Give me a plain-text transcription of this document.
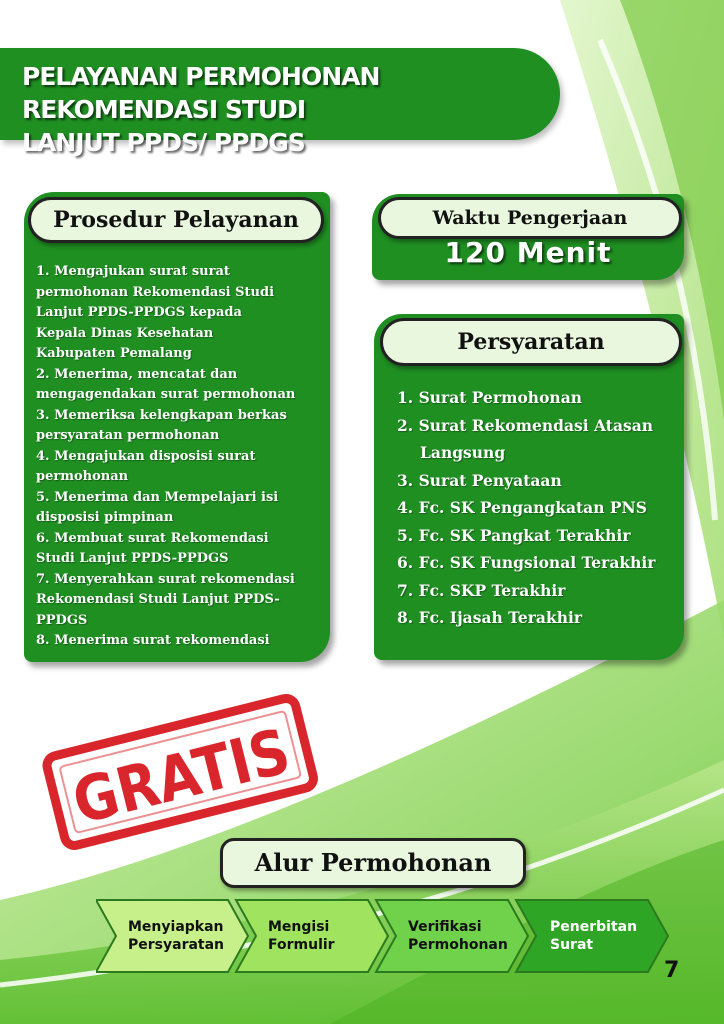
PELAYANAN PERMOHONAN REKOMENDASI STUDI
LANJUT PPDS/ PPDGS
Prosedur Pelayanan
1. Mengajukan surat surat
permohonan Rekomendasi Studi
Lanjut PPDS-PPDGS kepada
Kepala Dinas Kesehatan
Kabupaten Pemalang
2. Menerima, mencatat dan
mengagendakan surat permohonan
3. Memeriksa kelengkapan berkas
persyaratan permohonan
4. Mengajukan disposisi surat
permohonan
5. Menerima dan Mempelajari isi
disposisi pimpinan
6. Membuat surat Rekomendasi
Studi Lanjut PPDS-PPDGS
7. Menyerahkan surat rekomendasi
Rekomendasi Studi Lanjut PPDS-
PPDGS
8. Menerima surat rekomendasi
Waktu Pengerjaan
120 Menit
Persyaratan
1. Surat Permohonan
2. Surat Rekomendasi Atasan
Langsung
3. Surat Penyataan
4. Fc. SK Pengangkatan PNS
5. Fc. SK Pangkat Terakhir
6. Fc. SK Fungsional Terakhir
7. Fc. SKP Terakhir
8. Fc. Ijasah Terakhir
GRATIS
Alur Permohonan
Menyiapkan
Persyaratan
Mengisi
Formulir
Verifikasi
Permohonan
Penerbitan
Surat
7
